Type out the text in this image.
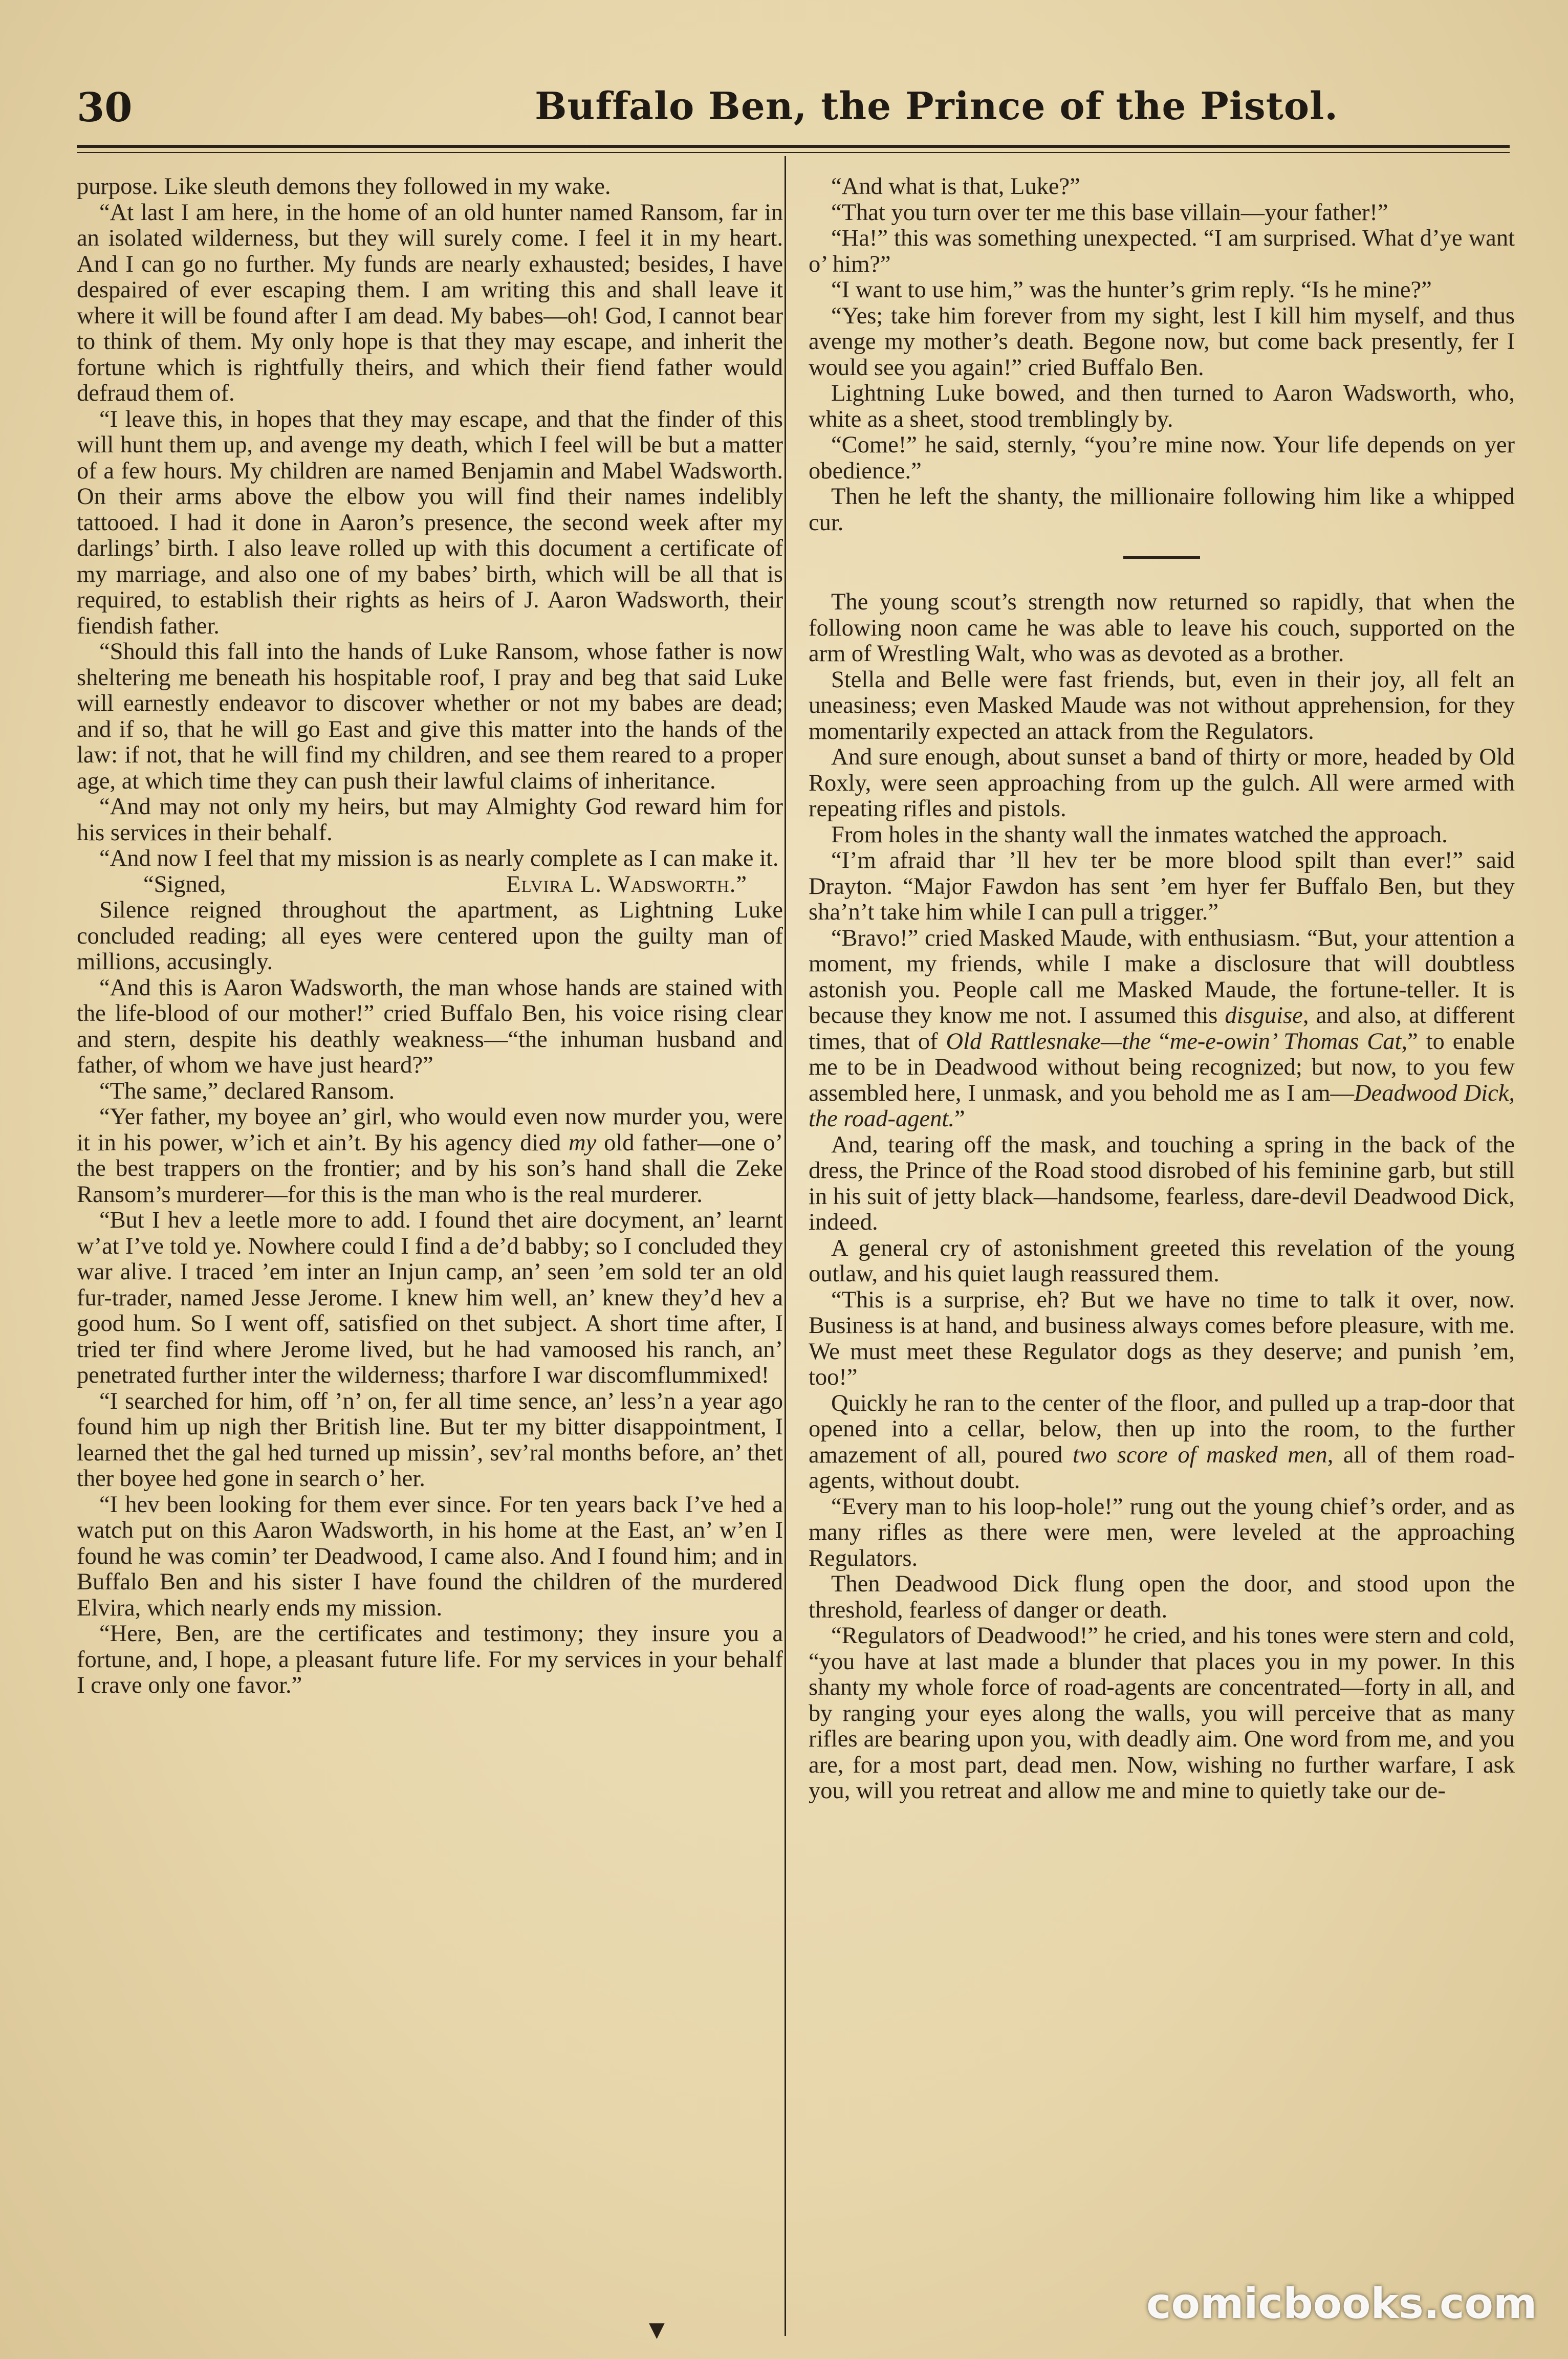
30	Buffalo Ben, the Prince of the Pistol.

purpose. Like sleuth demons they followed in my wake.

“At last I am here, in the home of an old hunter named Ransom, far in an isolated wilderness, but they will surely come. I feel it in my heart. And I can go no further. My funds are nearly exhausted; besides, I have despaired of ever escaping them. I am writing this and shall leave it where it will be found after I am dead. My babes—oh! God, I cannot bear to think of them. My only hope is that they may escape, and inherit the fortune which is rightfully theirs, and which their fiend father would defraud them of.

“I leave this, in hopes that they may escape, and that the finder of this will hunt them up, and avenge my death, which I feel will be but a matter of a few hours. My children are named Benjamin and Mabel Wadsworth. On their arms above the elbow you will find their names indelibly tattooed. I had it done in Aaron’s presence, the second week after my darlings’ birth. I also leave rolled up with this document a certificate of my marriage, and also one of my babes’ birth, which will be all that is required, to establish their rights as heirs of J. Aaron Wadsworth, their fiendish father.

“Should this fall into the hands of Luke Ransom, whose father is now sheltering me beneath his hospitable roof, I pray and beg that said Luke will earnestly endeavor to discover whether or not my babes are dead; and if so, that he will go East and give this matter into the hands of the law: if not, that he will find my children, and see them reared to a proper age, at which time they can push their lawful claims of inheritance.

“And may not only my heirs, but may Almighty God reward him for his services in their behalf.

“And now I feel that my mission is as nearly complete as I can make it.

“Signed,	Elvira L. Wadsworth.”

Silence reigned throughout the apartment, as Lightning Luke concluded reading; all eyes were centered upon the guilty man of millions, accusingly.

“And this is Aaron Wadsworth, the man whose hands are stained with the life-blood of our mother!” cried Buffalo Ben, his voice rising clear and stern, despite his deathly weakness—“the inhuman husband and father, of whom we have just heard?”

“The same,” declared Ransom.

“Yer father, my boyee an’ girl, who would even now murder you, were it in his power, w’ich et ain’t. By his agency died my old father—one o’ the best trappers on the frontier; and by his son’s hand shall die Zeke Ransom’s murderer—for this is the man who is the real murderer.

“But I hev a leetle more to add. I found thet aire docyment, an’ learnt w’at I’ve told ye. Nowhere could I find a de’d babby; so I concluded they war alive. I traced ’em inter an Injun camp, an’ seen ’em sold ter an old fur-trader, named Jesse Jerome. I knew him well, an’ knew they’d hev a good hum. So I went off, satisfied on thet subject. A short time after, I tried ter find where Jerome lived, but he had vamoosed his ranch, an’ penetrated further inter the wilderness; tharfore I war discomflummixed!

“I searched for him, off ’n’ on, fer all time sence, an’ less’n a year ago found him up nigh ther British line. But ter my bitter disappointment, I learned thet the gal hed turned up missin’, sev’ral months before, an’ thet ther boyee hed gone in search o’ her.

“I hev been looking for them ever since. For ten years back I’ve hed a watch put on this Aaron Wadsworth, in his home at the East, an’ w’en I found he was comin’ ter Deadwood, I came also. And I found him; and in Buffalo Ben and his sister I have found the children of the murdered Elvira, which nearly ends my mission.

“Here, Ben, are the certificates and testimony; they insure you a fortune, and, I hope, a pleasant future life. For my services in your behalf I crave only one favor.”

“And what is that, Luke?”

“That you turn over ter me this base villain—your father!”

“Ha!” this was something unexpected. “I am surprised. What d’ye want o’ him?”

“I want to use him,” was the hunter’s grim reply. “Is he mine?”

“Yes; take him forever from my sight, lest I kill him myself, and thus avenge my mother’s death. Begone now, but come back presently, fer I would see you again!” cried Buffalo Ben.

Lightning Luke bowed, and then turned to Aaron Wadsworth, who, white as a sheet, stood tremblingly by.

“Come!” he said, sternly, “you’re mine now. Your life depends on yer obedience.”

Then he left the shanty, the millionaire following him like a whipped cur.

The young scout’s strength now returned so rapidly, that when the following noon came he was able to leave his couch, supported on the arm of Wrestling Walt, who was as devoted as a brother.

Stella and Belle were fast friends, but, even in their joy, all felt an uneasiness; even Masked Maude was not without apprehension, for they momentarily expected an attack from the Regulators.

And sure enough, about sunset a band of thirty or more, headed by Old Roxly, were seen approaching from up the gulch. All were armed with repeating rifles and pistols.

From holes in the shanty wall the inmates watched the approach.

“I’m afraid thar ’ll hev ter be more blood spilt than ever!” said Drayton. “Major Fawdon has sent ’em hyer fer Buffalo Ben, but they sha’n’t take him while I can pull a trigger.”

“Bravo!” cried Masked Maude, with enthusiasm. “But, your attention a moment, my friends, while I make a disclosure that will doubtless astonish you. People call me Masked Maude, the fortune-teller. It is because they know me not. I assumed this disguise, and also, at different times, that of Old Rattlesnake—the “me-e-owin’ Thomas Cat,” to enable me to be in Deadwood without being recognized; but now, to you few assembled here, I unmask, and you behold me as I am—Deadwood Dick, the road-agent.”

And, tearing off the mask, and touching a spring in the back of the dress, the Prince of the Road stood disrobed of his feminine garb, but still in his suit of jetty black—handsome, fearless, dare-devil Deadwood Dick, indeed.

A general cry of astonishment greeted this revelation of the young outlaw, and his quiet laugh reassured them.

“This is a surprise, eh? But we have no time to talk it over, now. Business is at hand, and business always comes before pleasure, with me. We must meet these Regulator dogs as they deserve; and punish ’em, too!”

Quickly he ran to the center of the floor, and pulled up a trap-door that opened into a cellar, below, then up into the room, to the further amazement of all, poured two score of masked men, all of them road-agents, without doubt.

“Every man to his loop-hole!” rung out the young chief’s order, and as many rifles as there were men, were leveled at the approaching Regulators.

Then Deadwood Dick flung open the door, and stood upon the threshold, fearless of danger or death.

“Regulators of Deadwood!” he cried, and his tones were stern and cold, “you have at last made a blunder that places you in my power. In this shanty my whole force of road-agents are concentrated—forty in all, and by ranging your eyes along the walls, you will perceive that as many rifles are bearing upon you, with deadly aim. One word from me, and you are, for a most part, dead men. Now, wishing no further warfare, I ask you, will you retreat and allow me and mine to quietly take our de-

comicbooks.com
▼
